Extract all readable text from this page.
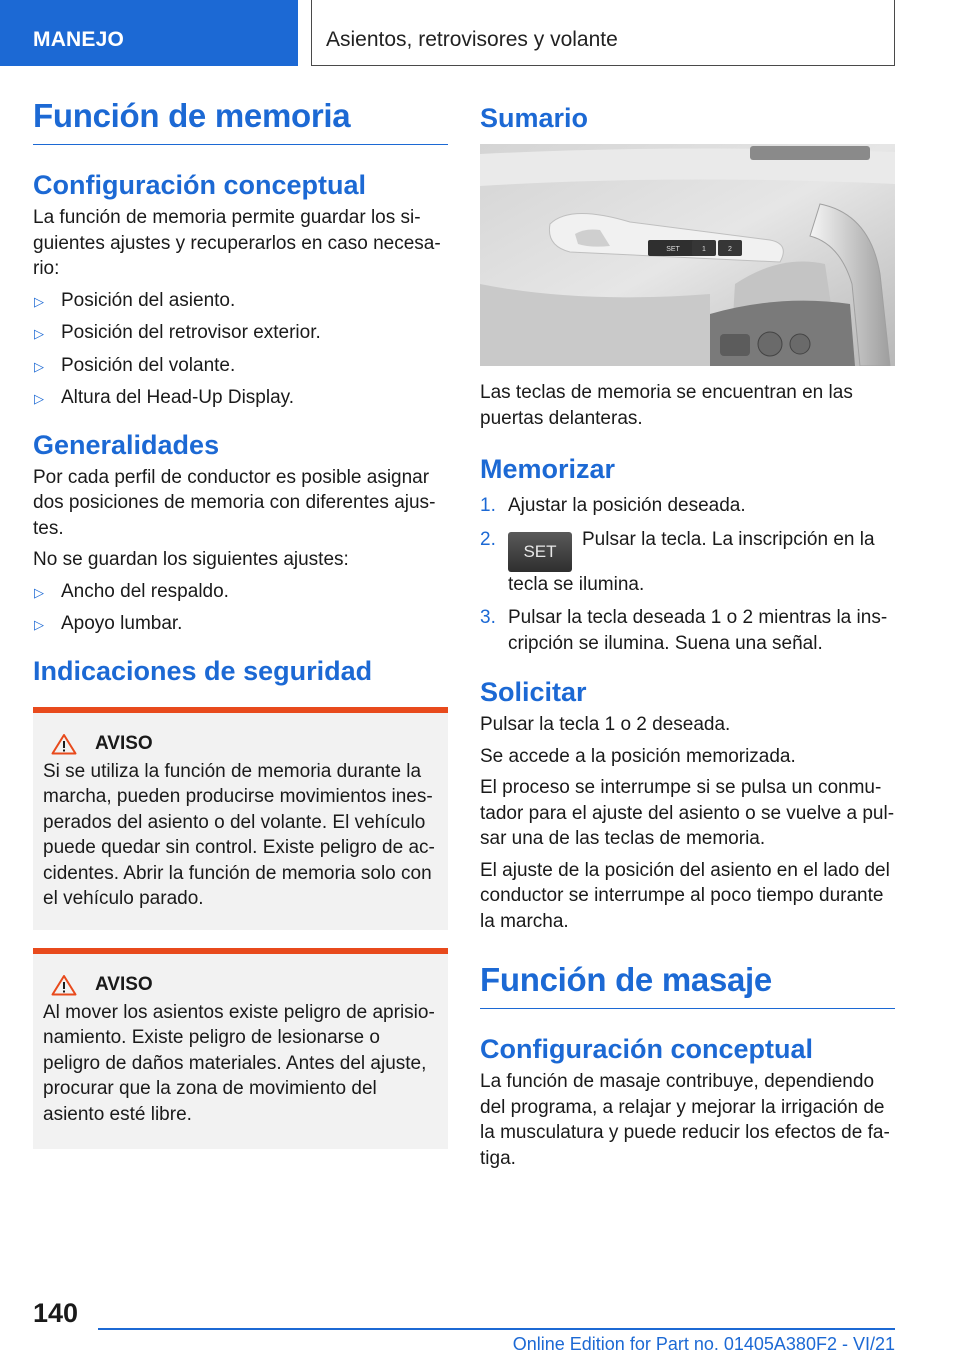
MANEJO	Asientos, retrovisores y volante
Función de memoria
Configuración conceptual

La función de memoria permite guardar los siguientes ajustes y recuperarlos en caso necesario:

▷ Posición del asiento.
▷ Posición del retrovisor exterior.
▷ Posición del volante.
▷ Altura del Head-Up Display.
Generalidades

Por cada perfil de conductor es posible asignar dos posiciones de memoria con diferentes ajustes.

No se guardan los siguientes ajustes:

▷ Ancho del respaldo.
▷ Apoyo lumbar.
Indicaciones de seguridad
AVISO

Si se utiliza la función de memoria durante la marcha, pueden producirse movimientos inesperados del asiento o del volante. El vehículo puede quedar sin control. Existe peligro de accidentes. Abrir la función de memoria solo con el vehículo parado.

AVISO

Al mover los asientos existe peligro de aprisionamiento. Existe peligro de lesionarse o peligro de daños materiales. Antes del ajuste, procurar que la zona de movimiento del asiento esté libre.

Sumario
SET	1	2

Las teclas de memoria se encuentran en las puertas delanteras.

Memorizar
1. Ajustar la posición deseada.
2.
SETPulsar la tecla. La inscripción en la tecla se ilumina.
3. Pulsar la tecla deseada 1 o 2 mientras la inscripción se ilumina. Suena una señal.
Solicitar

Pulsar la tecla 1 o 2 deseada.

Se accede a la posición memorizada.

El proceso se interrumpe si se pulsa un conmutador para el ajuste del asiento o se vuelve a pulsar una de las teclas de memoria.

El ajuste de la posición del asiento en el lado del conductor se interrumpe al poco tiempo durante la marcha.

Función de masaje
Configuración conceptual

La función de masaje contribuye, dependiendo del programa, a relajar y mejorar la irrigación de la musculatura y puede reducir los efectos de fatiga.

140
Online Edition for Part no. 01405A380F2 - VI/21
